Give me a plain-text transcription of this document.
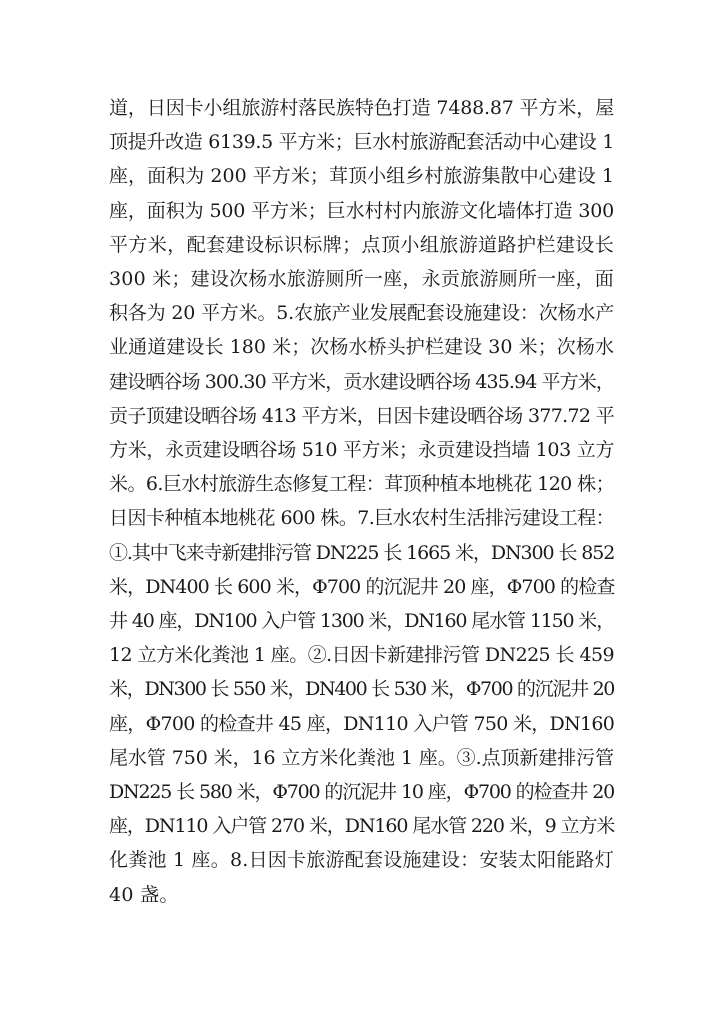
道，日因卡小组旅游村落民族特色打造 7488.87 平方米，屋
顶提升改造 6139.5 平方米；巨水村旅游配套活动中心建设 1
座，面积为 200 平方米；茸顶小组乡村旅游集散中心建设 1
座，面积为 500 平方米；巨水村村内旅游文化墙体打造 300
平方米，配套建设标识标牌；点顶小组旅游道路护栏建设长
300 米；建设次杨水旅游厕所一座，永贡旅游厕所一座，面
积各为 20 平方米。5.农旅产业发展配套设施建设：次杨水产
业通道建设长 180 米；次杨水桥头护栏建设 30 米；次杨水
建设晒谷场 300.30 平方米，贡水建设晒谷场 435.94 平方米，
贡子顶建设晒谷场 413 平方米，日因卡建设晒谷场 377.72 平
方米，永贡建设晒谷场 510 平方米；永贡建设挡墙 103 立方
米。6.巨水村旅游生态修复工程：茸顶种植本地桃花 120 株；
日因卡种植本地桃花 600 株。7.巨水农村生活排污建设工程：
①.其中飞来寺新建排污管 DN225 长 1665 米，DN300 长 852
米，DN400 长 600 米，Φ700 的沉泥井 20 座，Φ700 的检查
井 40 座，DN100 入户管 1300 米，DN160 尾水管 1150 米，
12 立方米化粪池 1 座。②.日因卡新建排污管 DN225 长 459
米，DN300 长 550 米，DN400 长 530 米，Φ700 的沉泥井 20
座，Φ700 的检查井 45 座，DN110 入户管 750 米，DN160
尾水管 750 米，16 立方米化粪池 1 座。③.点顶新建排污管
DN225 长 580 米，Φ700 的沉泥井 10 座，Φ700 的检查井 20
座，DN110 入户管 270 米，DN160 尾水管 220 米，9 立方米
化粪池 1 座。8.日因卡旅游配套设施建设：安装太阳能路灯
40 盏。
